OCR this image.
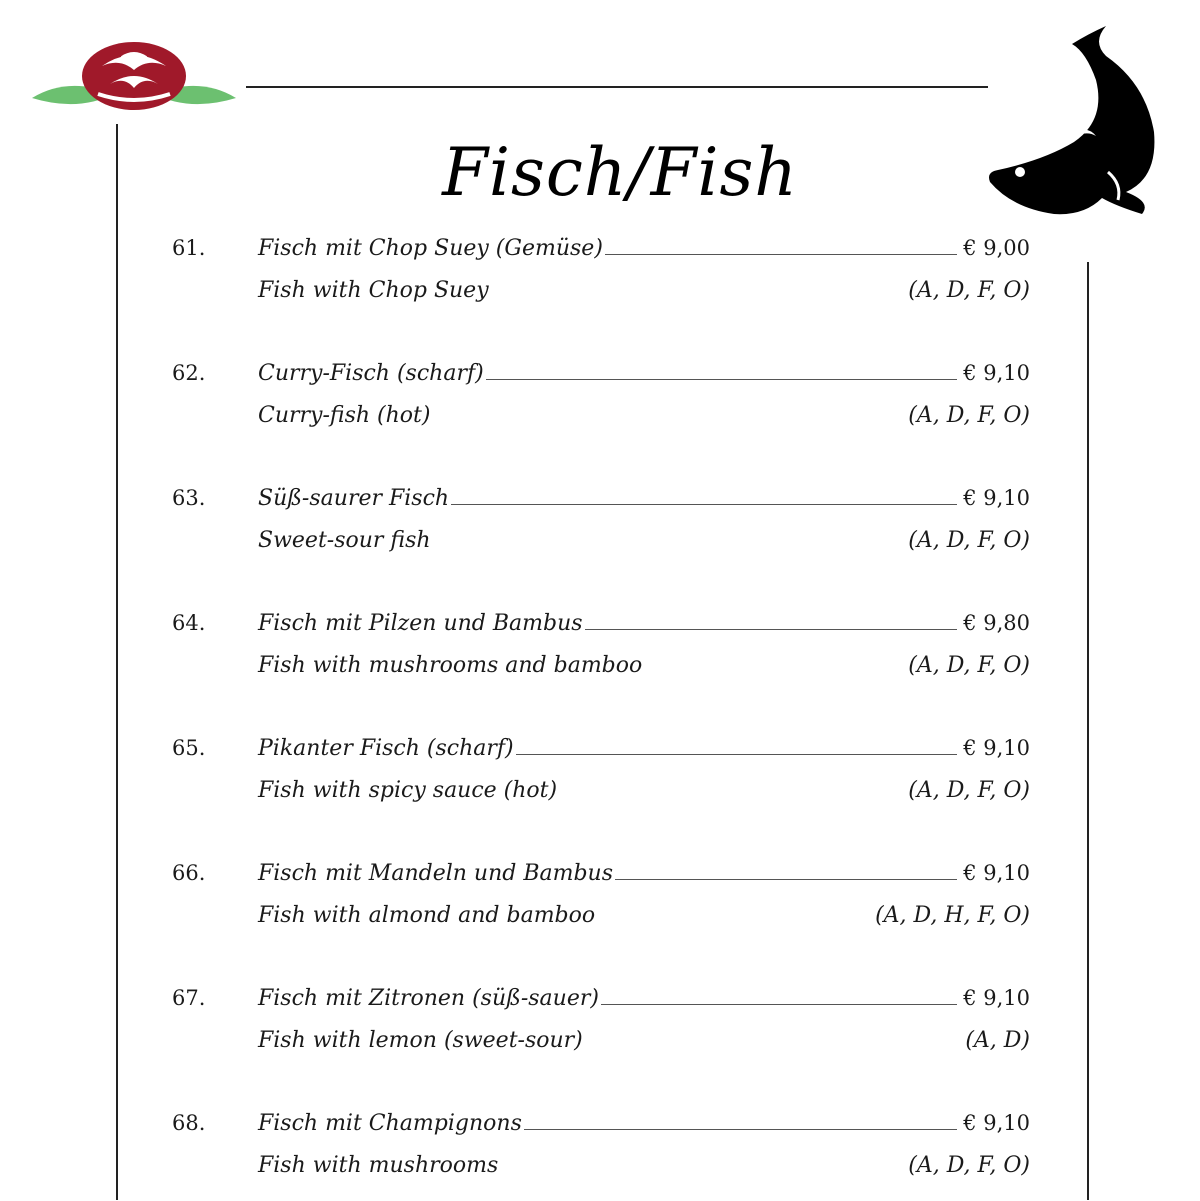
Fisch/Fish
61. Fisch mit Chop Suey (Gemüse)	€ 9,00
Fish with Chop Suey	(A, D, F, O)
62. Curry-Fisch (scharf)	€ 9,10
Curry-fish (hot)	(A, D, F, O)
63. Süß-saurer Fisch	€ 9,10
Sweet-sour fish	(A, D, F, O)
64. Fisch mit Pilzen und Bambus	€ 9,80
Fish with mushrooms and bamboo	(A, D, F, O)
65. Pikanter Fisch (scharf)	€ 9,10
Fish with spicy sauce (hot)	(A, D, F, O)
66. Fisch mit Mandeln und Bambus	€ 9,10
Fish with almond and bamboo	(A, D, H, F, O)
67. Fisch mit Zitronen (süß-sauer)	€ 9,10
Fish with lemon (sweet-sour)	(A, D)
68. Fisch mit Champignons	€ 9,10
Fish with mushrooms	(A, D, F, O)
